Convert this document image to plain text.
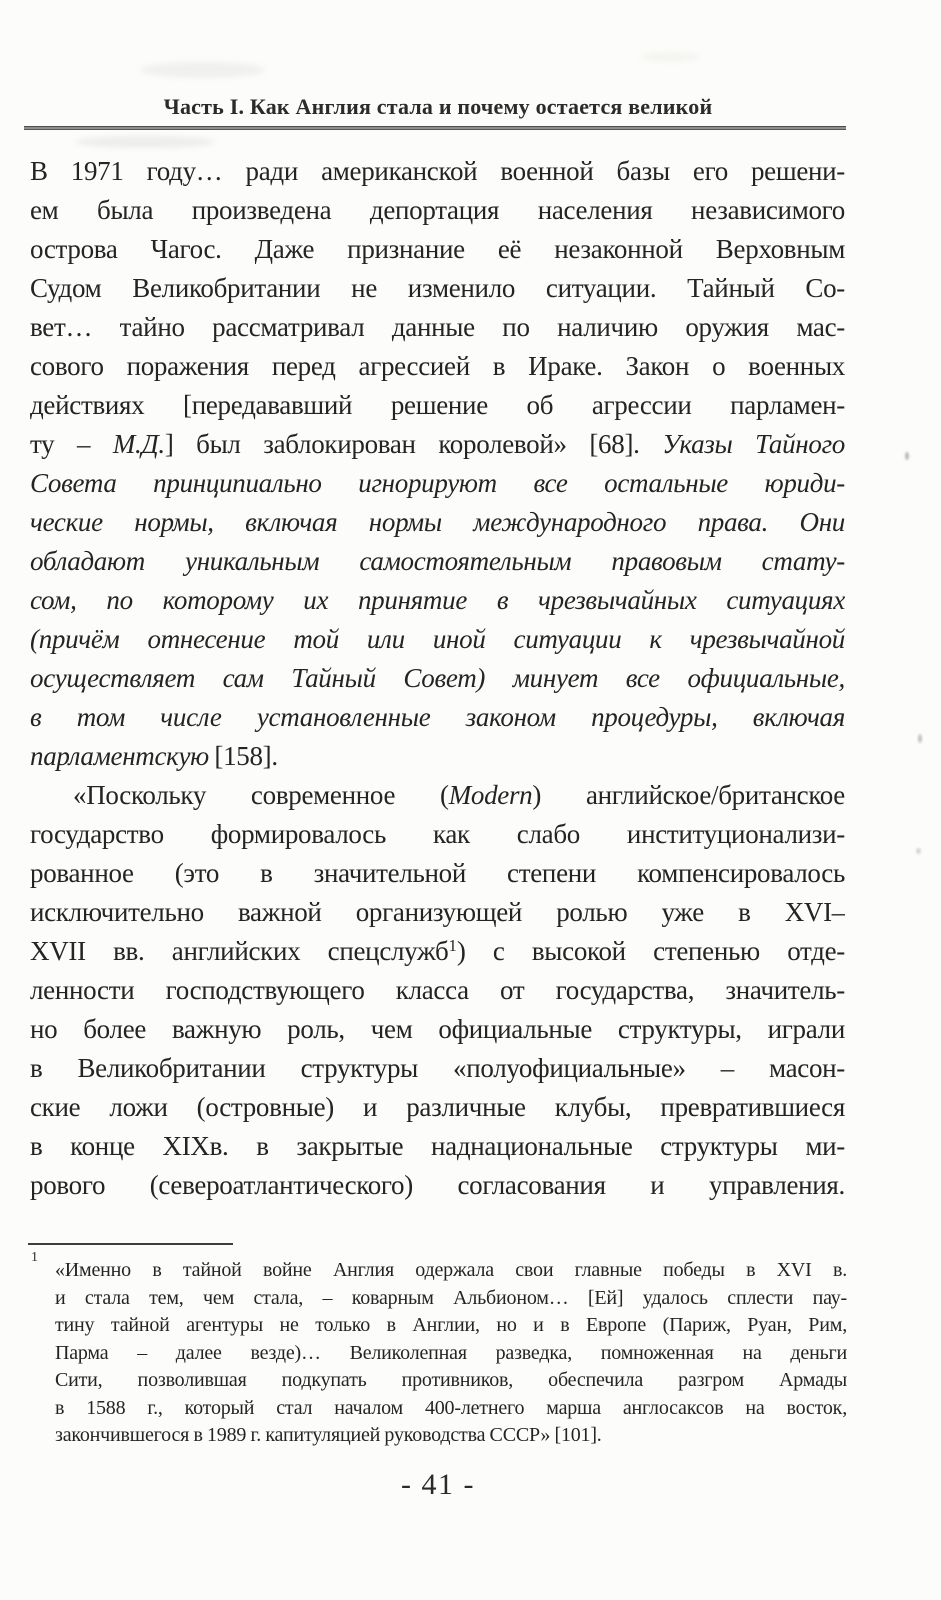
Часть I. Как Англия стала и почему остается великой
В 1971 году… ради американской военной базы его решени-
ем была произведена депортация населения независимого
острова Чагос. Даже признание её незаконной Верховным
Судом Великобритании не изменило ситуации. Тайный Со-
вет… тайно рассматривал данные по наличию оружия мас-
сового поражения перед агрессией в Ираке. Закон о военных
действиях [передававший решение об агрессии парламен-
ту – М.Д.] был заблокирован королевой» [68]. Указы Тайного
Совета принципиально игнорируют все остальные юриди-
ческие нормы, включая нормы международного права. Они
обладают уникальным самостоятельным правовым стату-
сом, по которому их принятие в чрезвычайных ситуациях
(причём отнесение той или иной ситуации к чрезвычайной
осуществляет сам Тайный Совет) минует все официальные,
в том числе установленные законом процедуры, включая
парламентскую [158].
«Поскольку современное (Modern) английское/британское
государство формировалось как слабо институционализи-
рованное (это в значительной степени компенсировалось
исключительно важной организующей ролью уже в XVI–
XVII вв. английских спецслужб$^1$) с высокой степенью отде-
ленности господствующего класса от государства, значитель-
но более важную роль, чем официальные структуры, играли
в Великобритании структуры «полуофициальные» – масон-
ские ложи (островные) и различные клубы, превратившиеся
в конце XIXв. в закрытые наднациональные структуры ми-
рового (североатлантического) согласования и управления.
1
«Именно в тайной войне Англия одержала свои главные победы в XVI в.
и стала тем, чем стала, – коварным Альбионом… [Ей] удалось сплести пау-
тину тайной агентуры не только в Англии, но и в Европе (Париж, Руан, Рим,
Парма – далее везде)… Великолепная разведка, помноженная на деньги
Сити, позволившая подкупать противников, обеспечила разгром Армады
в 1588 г., который стал началом 400-летнего марша англосаксов на восток,
закончившегося в 1989 г. капитуляцией руководства СССР» [101].
- 41 -
